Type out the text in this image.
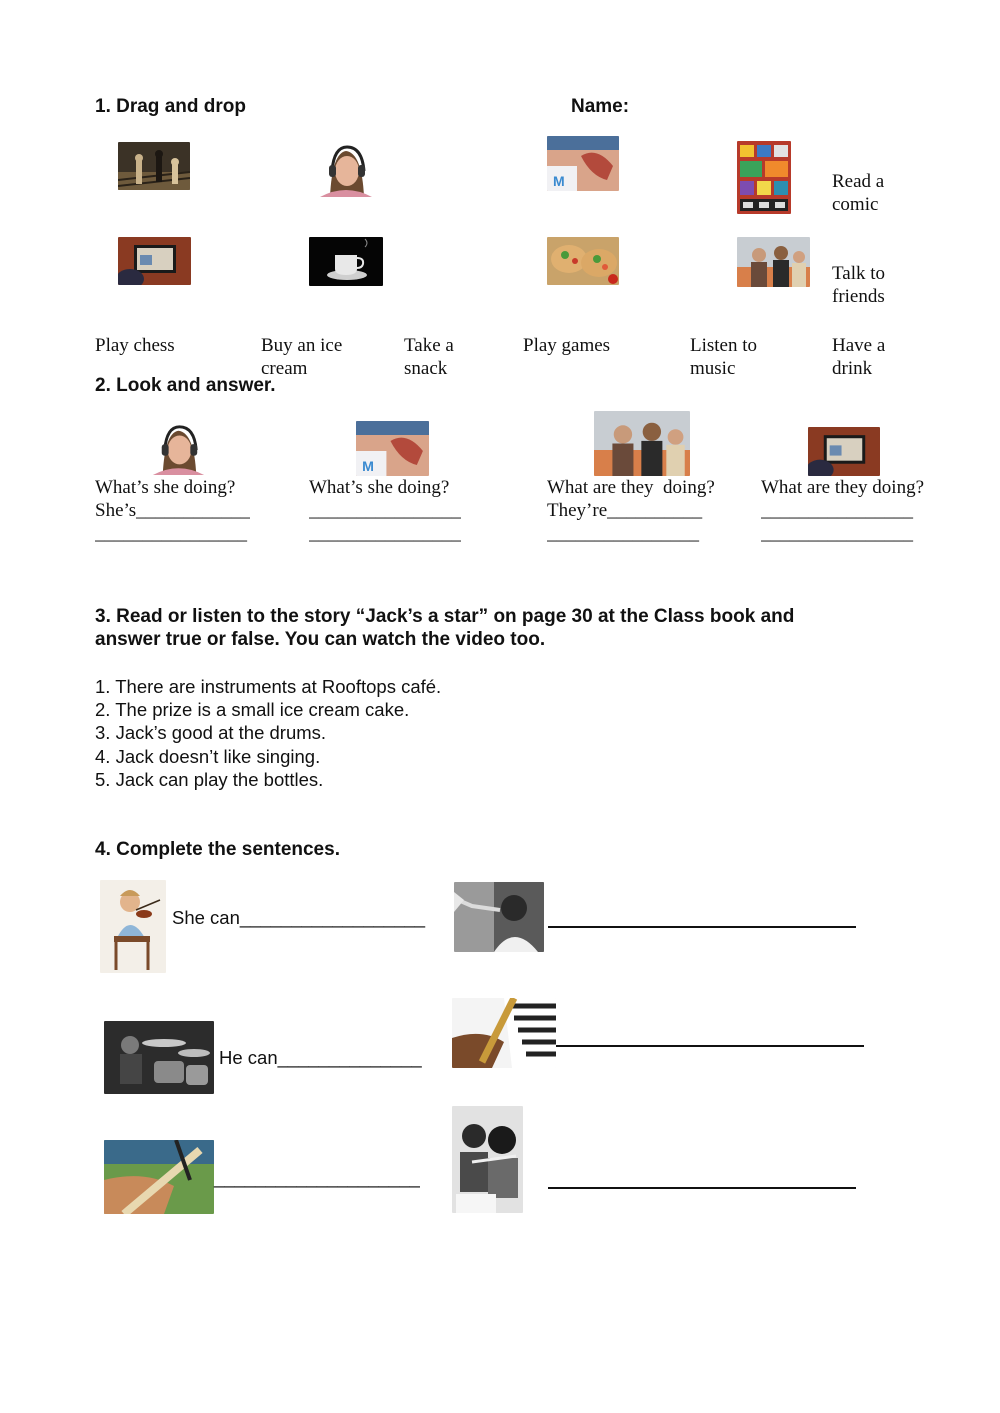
1. Drag and drop	Name:
M	Read a
comic
Talk to
friends
Play chess	Buy an ice
cream
Take a
snack
Play games	Listen to
music
Have a
drink
2. Look and answer.
M
What’s she doing?
She’s____________
________________
What’s she doing?
________________
________________
What are they  doing?
They’re__________
________________
What are they doing?
________________
________________
3. Read or listen to the story “Jack’s a star” on page 30 at the Class book and
answer true or false. You can watch the video too.
1. There are instruments at Rooftops café.
2. The prize is a small ice cream cake.
3. Jack’s good at the drums.
4. Jack doesn’t like singing.
5. Jack can play the bottles.
4. Complete the sentences.
She can__________________
He can______________
____________________
